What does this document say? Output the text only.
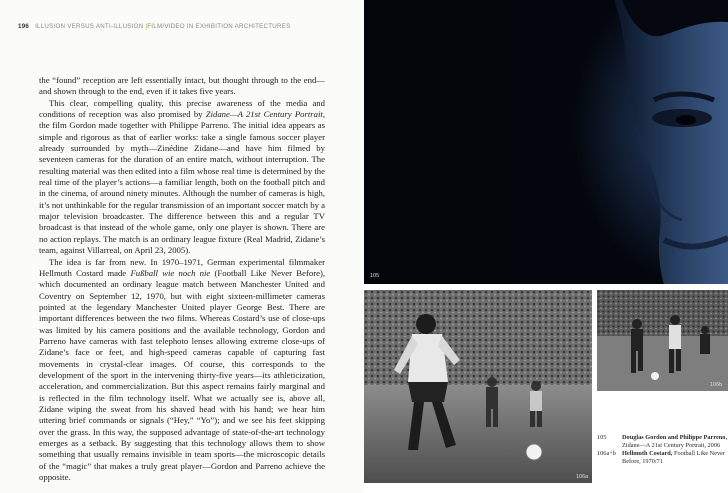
196 ILLUSION VERSUS ANTI-ILLUSION |FILM/VIDEO IN EXHIBITION ARCHITECTURES

the “found” reception are left essentially intact, but thought through to the end—and shown through to the end, even if it takes five years.

This clear, compelling quality, this precise awareness of the media and conditions of reception was also promised by Zidane—A 21st Century Portrait, the film Gordon made together with Philippe Parreno. The initial idea appears as simple and rigorous as that of earlier works: take a single famous soccer player already surrounded by myth—Zinédine Zidane—and have him filmed by seventeen cameras for the duration of an entire match, without interruption. The resulting material was then edited into a film whose real time is determined by the real time of the player’s actions—a familiar length, both on the football pitch and in the cinema, of around ninety minutes. Although the number of cameras is high, it’s not unthinkable for the regular transmission of an important soccer match by a major television broadcaster. The difference between this and a regular TV broadcast is that instead of the whole game, only one player is shown. There are no action replays. The match is an ordinary league fixture (Real Madrid, Zidane’s team, against Villarreal, on April 23, 2005).

The idea is far from new. In 1970–1971, German experimental filmmaker Hellmuth Costard made Fußball wie noch nie (Football Like Never Before), which documented an ordinary league match between Manchester United and Coventry on September 12, 1970, but with eight sixteen-millimeter cameras pointed at the legendary Manchester United player George Best. There are important differences between the two films. Whereas Costard’s use of close-ups was limited by his camera positions and the available technology, Gordon and Parreno have cameras with fast telephoto lenses allowing extreme close-ups of Zidane’s face or feet, and high-speed cameras capable of capturing fast movements in crystal-clear images. Of course, this corresponds to the development of the sport in the intervening thirty-five years—its athleticization, acceleration, and commercialization. But this aspect remains fairly marginal and is reflected in the film technology itself. What we actually see is, above all, Zidane wiping the sweat from his shaved head with his hand; we hear him uttering brief commands or signals (“Hey,” “Yo”); and we see his feet skipping over the grass. In this way, the supposed advantage of state-of-the-art technology emerges as a setback. By suggesting that this technology allows them to show something that usually remains invisible in team sports—the microscopic details of the “magic” that makes a truly great player—Gordon and Parreno achieve the opposite.

105
106a
106b
105	Douglas Gordon and Philippe Parreno,
Zidane—A 21st Century Portrait, 2006
106a+b Hellmuth Costard, Football Like Never Before, 1970/71
